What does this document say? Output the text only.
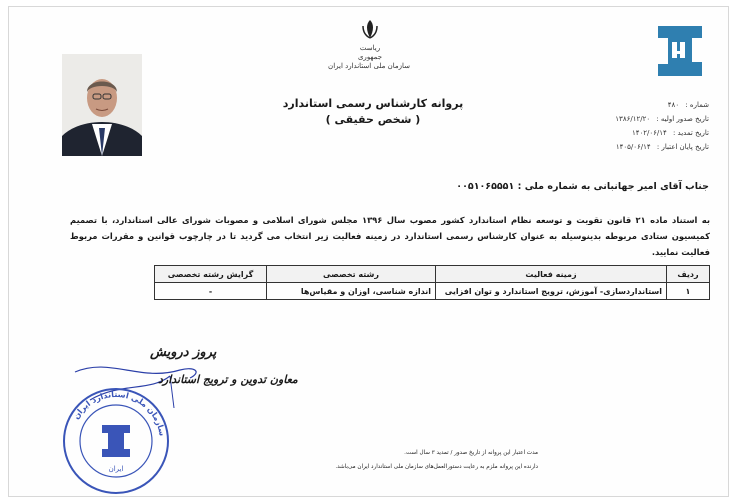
ریاست جمهوری
سازمان ملی استاندارد ایران
پروانه کارشناس رسمی استاندارد
( شخص حقیقی )
شماره : ۴۸۰
تاریخ صدور اولیه : ۱۳۸۶/۱۲/۲۰
تاریخ تمدید : ۱۴۰۲/۰۶/۱۴
تاریخ پایان اعتبار : ۱۴۰۵/۰۶/۱۴
جناب آقای امیر جهانبانی به شماره ملی : ۰۰۵۱۰۶۵۵۵۱
به استناد ماده ۲۱ قانون تقویت و توسعه نظام استاندارد کشور مصوب سال ۱۳۹۶ مجلس شورای اسلامی و مصوبات شورای عالی استاندارد، با تصمیم کمیسیون ستادی مربوطه بدینوسیله به عنوان کارشناس رسمی استاندارد در زمینه فعالیت زیر انتخاب می گردید تا در چارچوب قوانین و مقررات مربوط فعالیت نمایید.
ردیف	زمینه فعالیت	رشته تخصصی	گرایش رشته تخصصی
۱	استانداردسازی- آموزش، ترویج استاندارد و توان افزایی	اندازه شناسی، اوزان و مقیاس‌ها	-
پروز درویش
معاون تدوین و ترویج استاندارد
سازمان ملی استاندارد ایران
ایران
مدت اعتبار این پروانه از تاریخ صدور / تمدید ۳ سال است.
دارنده این پروانه ملزم به رعایت دستورالعمل‌های سازمان ملی استاندارد ایران می‌باشد.
